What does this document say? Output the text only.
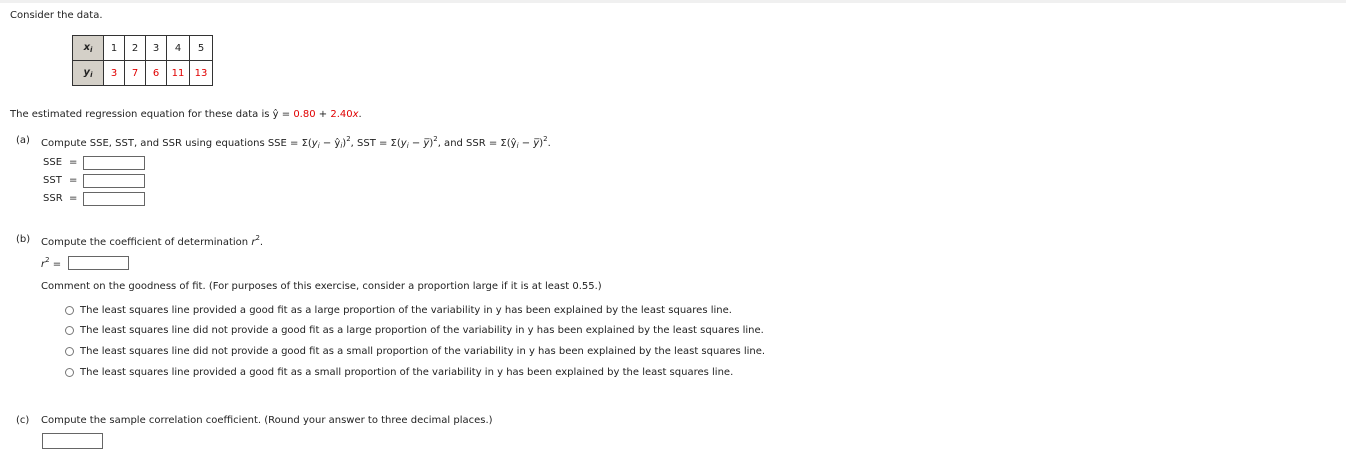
Consider the data.
$x_i$	1	2	3	4	5
$y_i$	3	7	6	11	13
The estimated regression equation for these data is ŷ = 0.80 + 2.40x.
(a) Compute SSE, SST, and SSR using equations SSE = $\Sigma(y_i$ − $ŷ_i)^2$, SST = $\Sigma(y_i$ − y̅)$^2$, and SSR = $\Sigma(ŷ_i$ − y̅)$^2$.
SSE =
SST =
SSR =
(b) Compute the coefficient of determination $r^2$.
$r^2$ =
Comment on the goodness of fit. (For purposes of this exercise, consider a proportion large if it is at least 0.55.)
The least squares line provided a good fit as a large proportion of the variability in y has been explained by the least squares line.
The least squares line did not provide a good fit as a large proportion of the variability in y has been explained by the least squares line.
The least squares line did not provide a good fit as a small proportion of the variability in y has been explained by the least squares line.
The least squares line provided a good fit as a small proportion of the variability in y has been explained by the least squares line.
(c) Compute the sample correlation coefficient. (Round your answer to three decimal places.)
